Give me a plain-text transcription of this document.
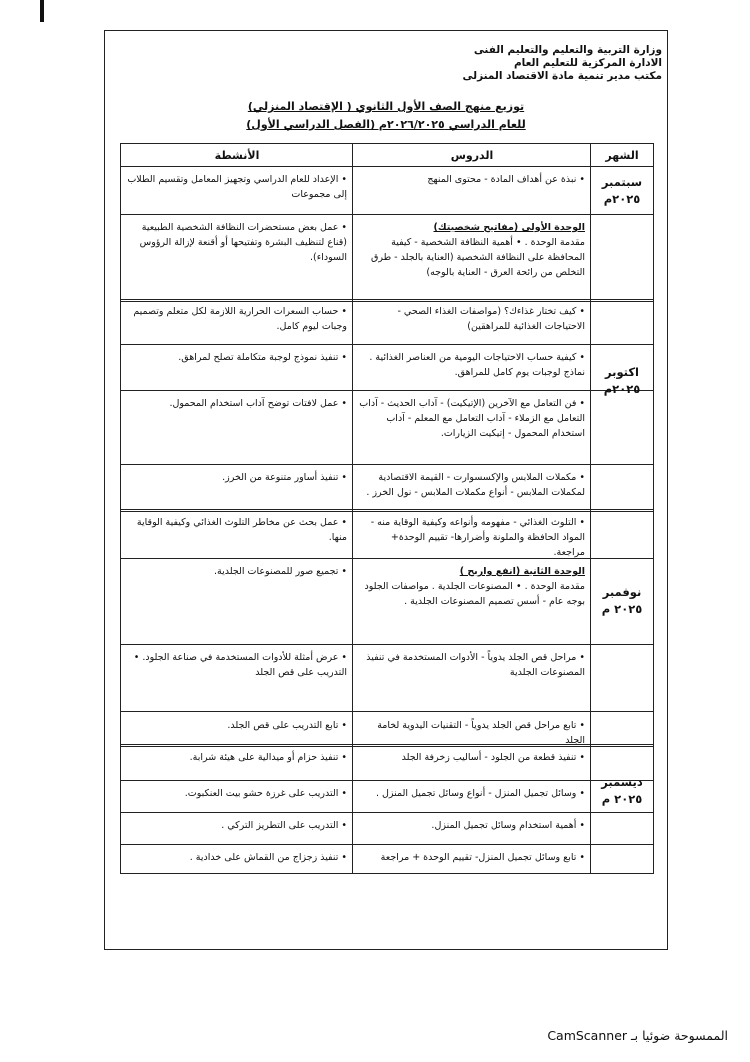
وزارة التربية والتعليم والتعليم الفنى
الادارة المركزية للتعليم العام
مكتب مدير تنمية مادة الاقتصاد المنزلى
توزيع منهج الصف الأول الثانوي ( الإقتصاد المنزلي)
للعام الدراسي ٢٠٢٦/٢٠٢٥م (الفصل الدراسي الأول)
الشهر
الدروس
الأنشطة
سبتمبر
٢٠٢٥م
اكتوبر
٢٠٢٥م
نوفمبر
٢٠٢٥ م
ديسمبر
٢٠٢٥ م
• نبذة عن أهداف المادة - محتوى المنهج
الوحدة الأولى (مفاتيح شخصيتك)
مقدمة الوحدة . • أهمية النظافة الشخصية - كيفية المحافظة على النظافة الشخصية (العناية بالجلد - طرق التخلص من رائحة العرق - العناية بالوجه)
• كيف تختار غذاءك؟ (مواصفات الغذاء الصحي - الاحتياجات الغذائية للمراهقين)
• كيفية حساب الاحتياجات اليومية من العناصر الغذائية . نماذج لوجبات يوم كامل للمراهق.
• فن التعامل مع الآخرين (الإتيكيت) - آداب الحديث - آداب التعامل مع الزملاء - آداب التعامل مع المعلم - آداب استخدام المحمول - إتيكيت الزيارات.
• مكملات الملابس والإكسسوارت - القيمة الاقتصادية لمكملات الملابس - أنواع مكملات الملابس - نول الخرز .
• التلوث الغذائي - مفهومه وأنواعه وكيفية الوقاية منه - المواد الحافظة والملونة وأضرارها- تقييم الوحدة+ مراجعة.
الوحدة الثانية (انفع واربح )
مقدمة الوحدة . • المصنوعات الجلدية . مواصفات الجلود بوجه عام - أسس تصميم المصنوعات الجلدية .
• مراحل قص الجلد يدوياً - الأدوات المستخدمة في تنفيذ المصنوعات الجلدية
• تابع مراحل قص الجلد يدوياً - التقنيات اليدوية لخامة الجلد
• تنفيذ قطعة من الجلود - أساليب زخرفة الجلد
• وسائل تجميل المنزل - أنواع وسائل تجميل المنزل .
• أهمية استخدام وسائل تجميل المنزل.
• تابع وسائل تجميل المنزل- تقييم الوحدة + مراجعة
• الإعداد للعام الدراسي وتجهيز المعامل وتقسيم الطلاب إلى مجموعات
• عمل بعض مستحضرات النظافة الشخصية الطبيعية (قناع لتنظيف البشرة وتفتيحها أو أقنعة لإزالة الرؤوس السوداء).
• حساب السعرات الحرارية اللازمة لكل متعلم وتصميم وجبات ليوم كامل.
• تنفيذ نموذج لوجبة متكاملة تصلح لمراهق.
• عمل لافتات توضح آداب استخدام المحمول.
• تنفيذ أساور متنوعة من الخرز.
• عمل بحث عن مخاطر التلوث الغذائي وكيفية الوقاية منها.
• تجميع صور للمصنوعات الجلدية.
• عرض أمثلة للأدوات المستخدمة في صناعة الجلود. • التدريب على قص الجلد
• تابع التدريب على قص الجلد.
• تنفيذ حزام أو ميدالية على هيئة شرابة.
• التدريب على غرزة حشو بيت العنكبوت.
• التدريب على التطريز التركي .
• تنفيذ زجزاج من القماش على خدادية .
الممسوحة ضوئيا بـ CamScanner
